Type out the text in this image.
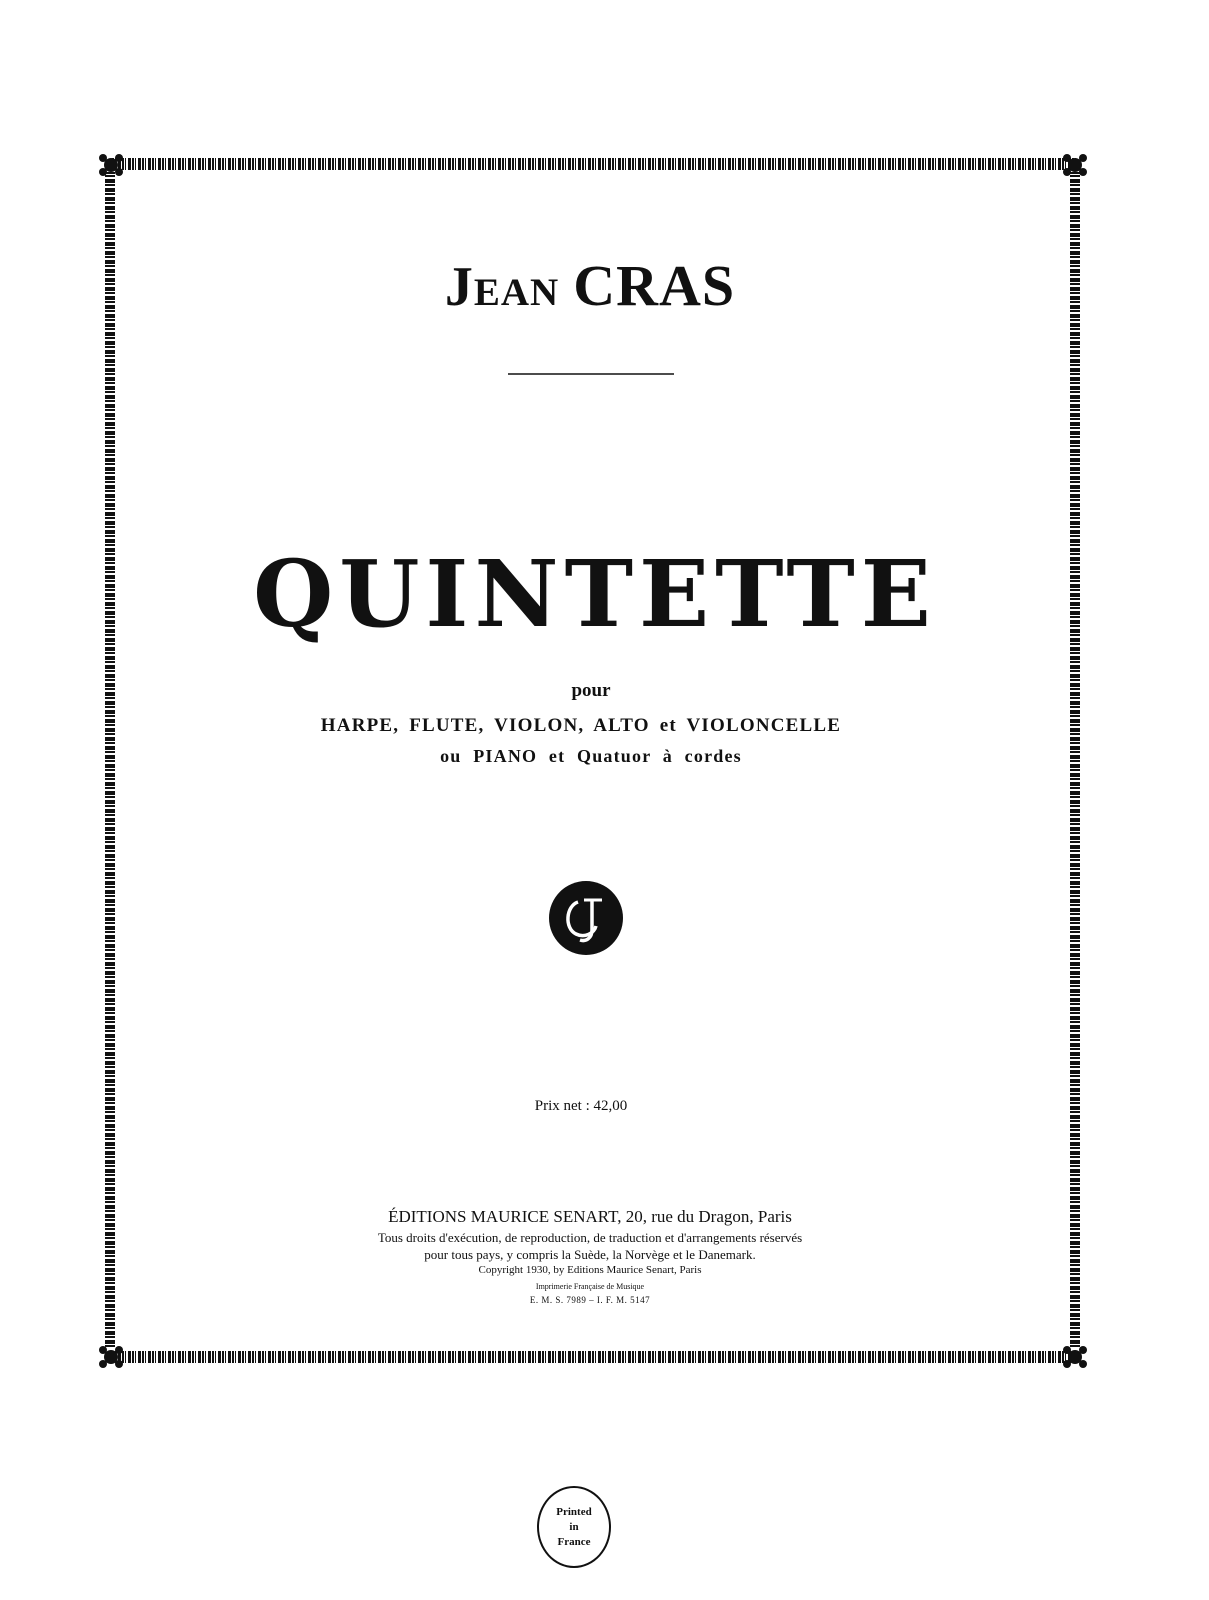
Jean CRAS
QUINTETTE
pour
HARPE, FLUTE, VIOLON, ALTO et VIOLONCELLE
ou PIANO et Quatuor à cordes
Prix net : 42,00
ÉDITIONS MAURICE SENART, 20, rue du Dragon, Paris
Tous droits d'exécution, de reproduction, de traduction et d'arrangements réservés
pour tous pays, y compris la Suède, la Norvège et le Danemark.
Copyright 1930, by Editions Maurice Senart, Paris
Imprimerie Française de Musique
E. M. S. 7989 – I. F. M. 5147
Printed
in
France
